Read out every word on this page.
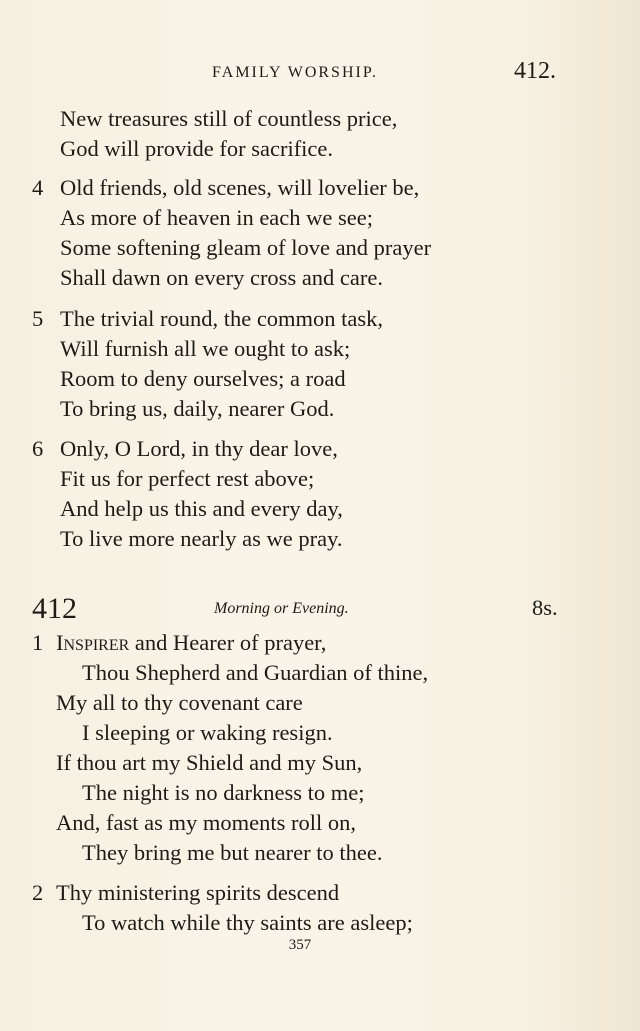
FAMILY WORSHIP.	412.
New treasures still of countless price,
God will provide for sacrifice.
4 Old friends, old scenes, will lovelier be,
As more of heaven in each we see;
Some softening gleam of love and prayer
Shall dawn on every cross and care.
5 The trivial round, the common task,
Will furnish all we ought to ask;
Room to deny ourselves; a road
To bring us, daily, nearer God.
6 Only, O Lord, in thy dear love,
Fit us for perfect rest above;
And help us this and every day,
To live more nearly as we pray.
412	Morning or Evening.	8s.
1 Inspirer and Hearer of prayer,
Thou Shepherd and Guardian of thine,
My all to thy covenant care
I sleeping or waking resign.
If thou art my Shield and my Sun,
The night is no darkness to me;
And, fast as my moments roll on,
They bring me but nearer to thee.
2 Thy ministering spirits descend
To watch while thy saints are asleep;
357
